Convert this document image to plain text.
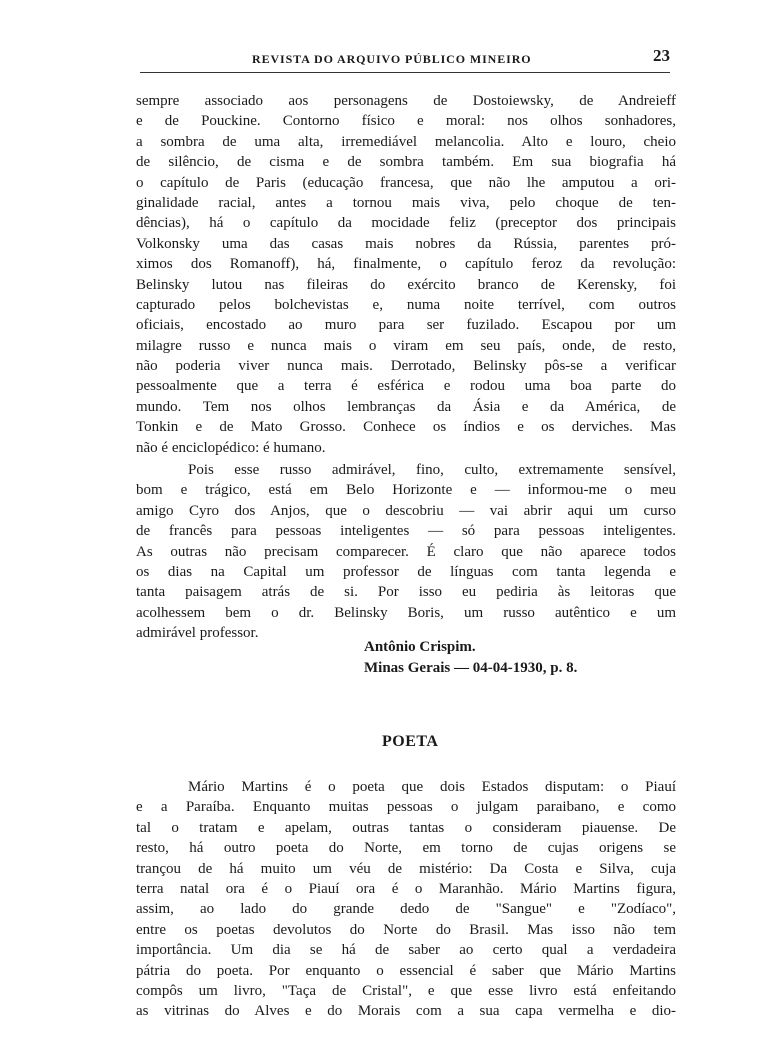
REVISTA DO ARQUIVO PÚBLICO MINEIRO	23
sempre associado aos personagens de Dostoiewsky, de Andreieff
e de Pouckine. Contorno físico e moral: nos olhos sonhadores,
a sombra de uma alta, irremediável melancolia. Alto e louro, cheio
de silêncio, de cisma e de sombra também. Em sua biografia há
o capítulo de Paris (educação francesa, que não lhe amputou a ori-
ginalidade racial, antes a tornou mais viva, pelo choque de ten-
dências), há o capítulo da mocidade feliz (preceptor dos principais
Volkonsky uma das casas mais nobres da Rússia, parentes pró-
ximos dos Romanoff), há, finalmente, o capítulo feroz da revolução:
Belinsky lutou nas fileiras do exército branco de Kerensky, foi
capturado pelos bolchevistas e, numa noite terrível, com outros
oficiais, encostado ao muro para ser fuzilado. Escapou por um
milagre russo e nunca mais o viram em seu país, onde, de resto,
não poderia viver nunca mais. Derrotado, Belinsky pôs-se a verificar
pessoalmente que a terra é esférica e rodou uma boa parte do
mundo. Tem nos olhos lembranças da Ásia e da América, de
Tonkin e de Mato Grosso. Conhece os índios e os derviches. Mas
não é enciclopédico: é humano.
Pois esse russo admirável, fino, culto, extremamente sensível,
bom e trágico, está em Belo Horizonte e — informou-me o meu
amigo Cyro dos Anjos, que o descobriu — vai abrir aqui um curso
de francês para pessoas inteligentes — só para pessoas inteligentes.
As outras não precisam comparecer. É claro que não aparece todos
os dias na Capital um professor de línguas com tanta legenda e
tanta paisagem atrás de si. Por isso eu pediria às leitoras que
acolhessem bem o dr. Belinsky Boris, um russo autêntico e um
admirável professor.
Antônio Crispim.
Minas Gerais — 04-04-1930, p. 8.
POETA
Mário Martins é o poeta que dois Estados disputam: o Piauí
e a Paraíba. Enquanto muitas pessoas o julgam paraibano, e como
tal o tratam e apelam, outras tantas o consideram piauense. De
resto, há outro poeta do Norte, em torno de cujas origens se
trançou de há muito um véu de mistério: Da Costa e Silva, cuja
terra natal ora é o Piauí ora é o Maranhão. Mário Martins figura,
assim, ao lado do grande dedo de "Sangue" e "Zodíaco",
entre os poetas devolutos do Norte do Brasil. Mas isso não tem
importância. Um dia se há de saber ao certo qual a verdadeira
pátria do poeta. Por enquanto o essencial é saber que Mário Martins
compôs um livro, "Taça de Cristal", e que esse livro está enfeitando
as vitrinas do Alves e do Morais com a sua capa vermelha e dio-
